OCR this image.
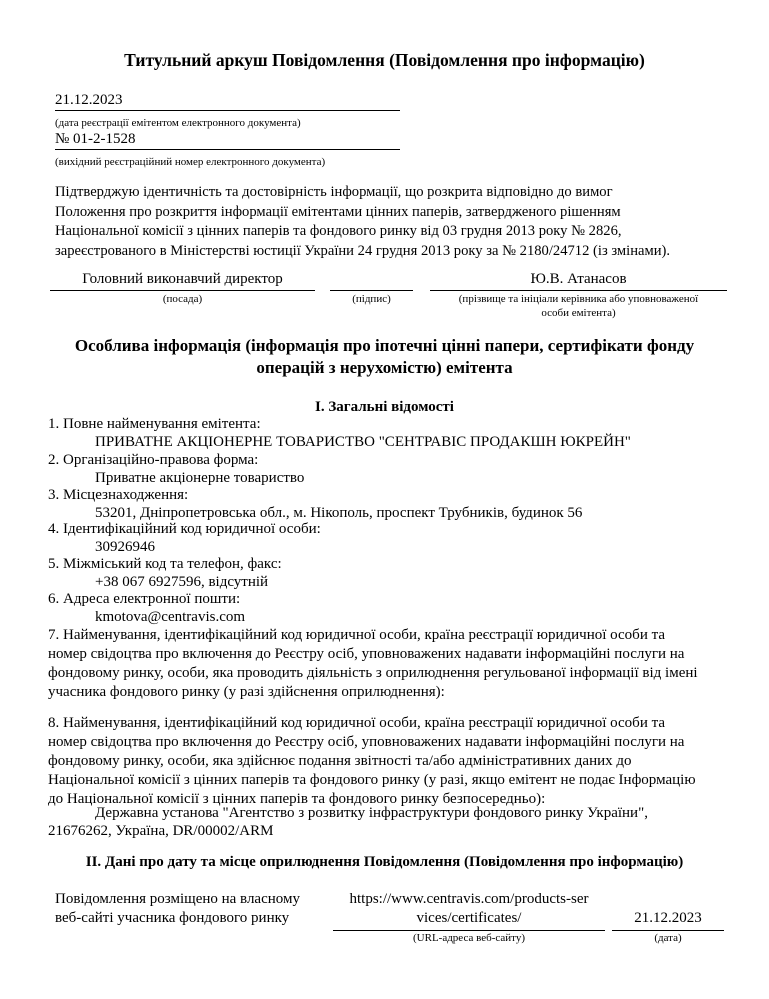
Титульний аркуш Повідомлення (Повідомлення про інформацію)
21.12.2023
(дата реєстрації емітентом електронного документа)
№ 01-2-1528
(вихідний реєстраційний номер електронного документа)
Підтверджую ідентичність та достовірність інформації, що розкрита відповідно до вимог
Положення про розкриття інформації емітентами цінних паперів, затвердженого рішенням
Національної комісії з цінних паперів та фондового ринку від 03 грудня 2013 року № 2826,
зареєстрованого в Міністерстві юстиції України 24 грудня 2013 року за № 2180/24712 (із змінами).
Головний виконавчий директор	Ю.В. Атанасов
(посада)	(підпис)	(прізвище та ініціали керівника або уповноваженої
особи емітента)
Особлива інформація (інформація про іпотечні цінні папери, сертифікати фонду
операцій з нерухомістю) емітента
I. Загальні відомості
1. Повне найменування емітента:
ПРИВАТНЕ АКЦIОНЕРНЕ ТОВАРИСТВО "СЕНТРАВIС ПРОДАКШН ЮКРЕЙН"
2. Організаційно-правова форма:
Приватне акціонерне товариство
3. Місцезнаходження:
53201, Дніпропетровська обл., м. Нікополь, проспект Трубників, будинок 56
4. Ідентифікаційний код юридичної особи:
30926946
5. Міжміський код та телефон, факс:
+38 067 6927596, відсутній
6. Адреса електронної пошти:
kmotova@centravis.com
7. Найменування, ідентифікаційний код юридичної особи, країна реєстрації юридичної особи та
номер свідоцтва про включення до Реєстру осіб, уповноважених надавати інформаційні послуги на
фондовому ринку, особи, яка проводить діяльність з оприлюднення регульованої інформації від імені
учасника фондового ринку (у разі здійснення оприлюднення):
8. Найменування, ідентифікаційний код юридичної особи, країна реєстрації юридичної особи та
номер свідоцтва про включення до Реєстру осіб, уповноважених надавати інформаційні послуги на
фондовому ринку, особи, яка здійснює подання звітності та/або адміністративних даних до
Національної комісії з цінних паперів та фондового ринку (у разі, якщо емітент не подає Інформацію
до Національної комісії з цінних паперів та фондового ринку безпосередньо):
Державна установа "Агентство з розвитку інфраструктури фондового ринку України",
21676262, Україна, DR/00002/ARM
II. Дані про дату та місце оприлюднення Повідомлення (Повідомлення про інформацію)
Повідомлення розміщено на власному
веб-сайті учасника фондового ринку
https://www.centravis.com/products-ser
vices/certificates/	21.12.2023
(URL-адреса веб-сайту)	(дата)
